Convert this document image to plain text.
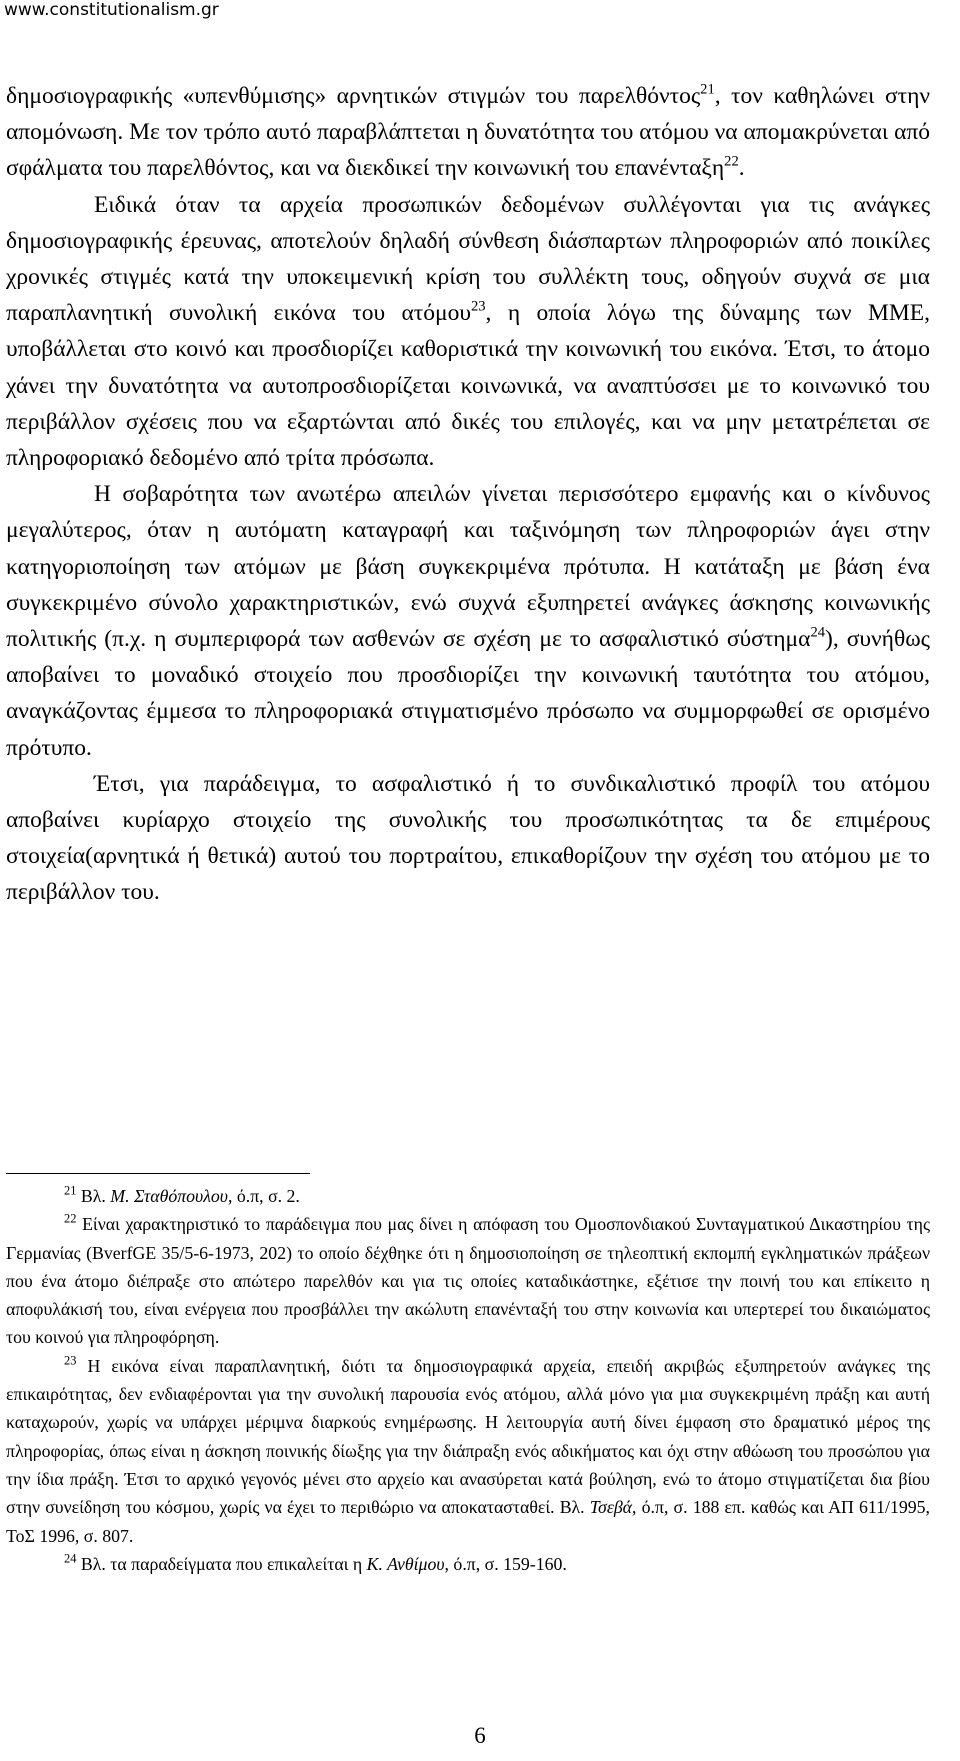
www.constitutionalism.gr

δημοσιογραφικής «υπενθύμισης» αρνητικών στιγμών του παρελθόντος$^{21}$, τον καθηλώνει στην απομόνωση. Με τον τρόπο αυτό παραβλάπτεται η δυνατότητα του ατόμου να απομακρύνεται από σφάλματα του παρελθόντος, και να διεκδικεί την κοινωνική του επανένταξη$^{22}$.

Ειδικά όταν τα αρχεία προσωπικών δεδομένων συλλέγονται για τις ανάγκες δημοσιογραφικής έρευνας, αποτελούν δηλαδή σύνθεση διάσπαρτων πληροφοριών από ποικίλες χρονικές στιγμές κατά την υποκειμενική κρίση του συλλέκτη τους, οδηγούν συχνά σε μια παραπλανητική συνολική εικόνα του ατόμου$^{23}$, η οποία λόγω της δύναμης των ΜΜΕ, υποβάλλεται στο κοινό και προσδιορίζει καθοριστικά την κοινωνική του εικόνα. Έτσι, το άτομο χάνει την δυνατότητα να αυτοπροσδιορίζεται κοινωνικά, να αναπτύσσει με το κοινωνικό του περιβάλλον σχέσεις που να εξαρτώνται από δικές του επιλογές, και να μην μετατρέπεται σε πληροφοριακό δεδομένο από τρίτα πρόσωπα.

Η σοβαρότητα των ανωτέρω απειλών γίνεται περισσότερο εμφανής και ο κίνδυνος μεγαλύτερος, όταν η αυτόματη καταγραφή και ταξινόμηση των πληροφοριών άγει στην κατηγοριοποίηση των ατόμων με βάση συγκεκριμένα πρότυπα. Η κατάταξη με βάση ένα συγκεκριμένο σύνολο χαρακτηριστικών, ενώ συχνά εξυπηρετεί ανάγκες άσκησης κοινωνικής πολιτικής (π.χ. η συμπεριφορά των ασθενών σε σχέση με το ασφαλιστικό σύστημα$^{24}$), συνήθως αποβαίνει το μοναδικό στοιχείο που προσδιορίζει την κοινωνική ταυτότητα του ατόμου, αναγκάζοντας έμμεσα το πληροφοριακά στιγματισμένο πρόσωπο να συμμορφωθεί σε ορισμένο πρότυπο.

Έτσι, για παράδειγμα, το ασφαλιστικό ή το συνδικαλιστικό προφίλ του ατόμου αποβαίνει κυρίαρχο στοιχείο της συνολικής του προσωπικότητας τα δε επιμέρους στοιχεία(αρνητικά ή θετικά) αυτού του πορτραίτου, επικαθορίζουν την σχέση του ατόμου με το περιβάλλον του.

$^{21}$ Βλ. Μ. Σταθόπουλου, ό.π, σ. 2.

$^{22}$ Είναι χαρακτηριστικό το παράδειγμα που μας δίνει η απόφαση του Ομοσπονδιακού Συνταγματικού Δικαστηρίου της Γερμανίας (BverfGE 35/5-6-1973, 202) το οποίο δέχθηκε ότι η δημοσιοποίηση σε τηλεοπτική εκπομπή εγκληματικών πράξεων που ένα άτομο διέπραξε στο απώτερο παρελθόν και για τις οποίες καταδικάστηκε, εξέτισε την ποινή του και επίκειτο η αποφυλάκισή του, είναι ενέργεια που προσβάλλει την ακώλυτη επανένταξή του στην κοινωνία και υπερτερεί του δικαιώματος του κοινού για πληροφόρηση.

$^{23}$ Η εικόνα είναι παραπλανητική, διότι τα δημοσιογραφικά αρχεία, επειδή ακριβώς εξυπηρετούν ανάγκες της επικαιρότητας, δεν ενδιαφέρονται για την συνολική παρουσία ενός ατόμου, αλλά μόνο για μια συγκεκριμένη πράξη και αυτή καταχωρούν, χωρίς να υπάρχει μέριμνα διαρκούς ενημέρωσης. Η λειτουργία αυτή δίνει έμφαση στο δραματικό μέρος της πληροφορίας, όπως είναι η άσκηση ποινικής δίωξης για την διάπραξη ενός αδικήματος και όχι στην αθώωση του προσώπου για την ίδια πράξη. Έτσι το αρχικό γεγονός μένει στο αρχείο και ανασύρεται κατά βούληση, ενώ το άτομο στιγματίζεται δια βίου στην συνείδηση του κόσμου, χωρίς να έχει το περιθώριο να αποκατασταθεί. Βλ. Τσεβά, ό.π, σ. 188 επ. καθώς και ΑΠ 611/1995, ΤοΣ 1996, σ. 807.

$^{24}$ Βλ. τα παραδείγματα που επικαλείται η Κ. Ανθίμου, ό.π, σ. 159-160.

6
